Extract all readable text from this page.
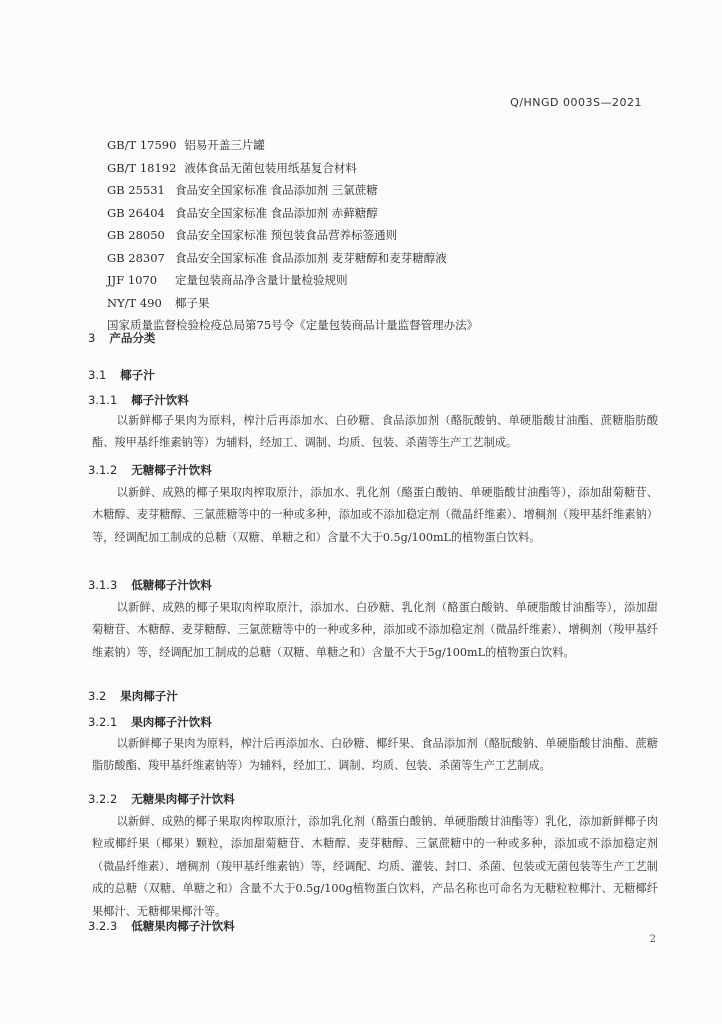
Q/HNGD 0003S—2021
GB/T 17590 铝易开盖三片罐
GB/T 18192 液体食品无菌包装用纸基复合材料
GB 25531 食品安全国家标准 食品添加剂 三氯蔗糖
GB 26404 食品安全国家标准 食品添加剂 赤藓糖醇
GB 28050 食品安全国家标准 预包装食品营养标签通则
GB 28307 食品安全国家标准 食品添加剂 麦芽糖醇和麦芽糖醇液
JJF 1070 定量包装商品净含量计量检验规则
NY/T 490 椰子果
国家质量监督检验检疫总局第75号令《定量包装商品计量监督管理办法》
3 产品分类
3.1 椰子汁
3.1.1 椰子汁饮料
以新鲜椰子果肉为原料，榨汁后再添加水、白砂糖、食品添加剂（酪朊酸钠、单硬脂酸甘油酯、蔗糖脂肪酸酯、羧甲基纤维素钠等）为辅料，经加工、调制、均质、包装、杀菌等生产工艺制成。
3.1.2 无糖椰子汁饮料
以新鲜、成熟的椰子果取肉榨取原汁，添加水、乳化剂（酪蛋白酸钠、单硬脂酸甘油酯等），添加甜菊糖苷、木糖醇、麦芽糖醇、三氯蔗糖等中的一种或多种，添加或不添加稳定剂（微晶纤维素）、增稠剂（羧甲基纤维素钠）等，经调配加工制成的总糖（双糖、单糖之和）含量不大于0.5g/100mL的植物蛋白饮料。
3.1.3 低糖椰子汁饮料
以新鲜、成熟的椰子果取肉榨取原汁，添加水、白砂糖、乳化剂（酪蛋白酸钠、单硬脂酸甘油酯等），添加甜菊糖苷、木糖醇、麦芽糖醇、三氯蔗糖等中的一种或多种，添加或不添加稳定剂（微晶纤维素）、增稠剂（羧甲基纤维素钠）等，经调配加工制成的总糖（双糖、单糖之和）含量不大于5g/100mL的植物蛋白饮料。
3.2 果肉椰子汁
3.2.1 果肉椰子汁饮料
以新鲜椰子果肉为原料，榨汁后再添加水、白砂糖、椰纤果、食品添加剂（酪朊酸钠、单硬脂酸甘油酯、蔗糖脂肪酸酯、羧甲基纤维素钠等）为辅料，经加工、调制、均质、包装、杀菌等生产工艺制成。
3.2.2 无糖果肉椰子汁饮料
以新鲜、成熟的椰子果取肉榨取原汁，添加乳化剂（酪蛋白酸钠、单硬脂酸甘油酯等）乳化，添加新鲜椰子肉粒或椰纤果（椰果）颗粒，添加甜菊糖苷、木糖醇、麦芽糖醇、三氯蔗糖中的一种或多种，添加或不添加稳定剂（微晶纤维素）、增稠剂（羧甲基纤维素钠）等，经调配、均质、灌装、封口、杀菌、包装或无菌包装等生产工艺制成的总糖（双糖、单糖之和）含量不大于0.5g/100g植物蛋白饮料，产品名称也可命名为无糖粒粒椰汁、无糖椰纤果椰汁、无糖椰果椰汁等。
3.2.3 低糖果肉椰子汁饮料
2
